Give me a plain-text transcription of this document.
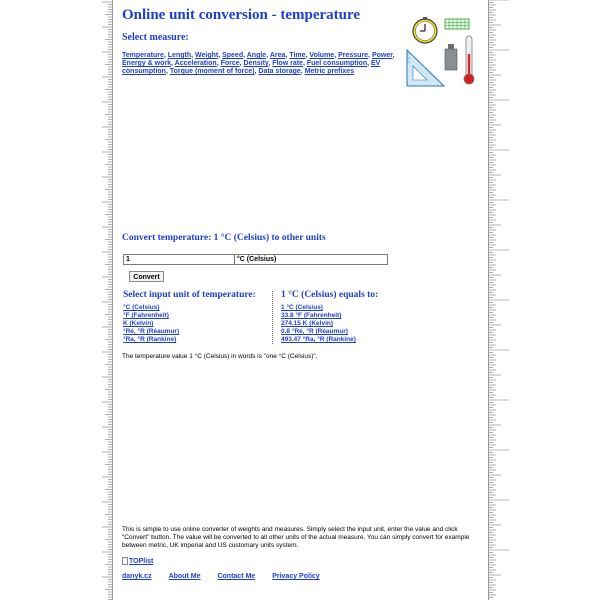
Online unit conversion - temperature
Select measure:
Temperature, Length, Weight, Speed, Angle, Area, Time, Volume, Pressure, Power, Energy & work, Acceleration, Force, Density, Flow rate, Fuel consumption, EV consumption, Torque (moment of force), Data storage, Metric prefixes
Convert temperature: 1 °C (Celsius) to other units
1	°C (Celsius)
Convert
Select input unit of temperature:
°C (Celsius)
°F (Fahrenheit)
K (Kelvin)
°Ré, °R (Réaumur)
°Ra, °R (Rankine)
1 °C (Celsius) equals to:
1 °C (Celsius)
33.8 °F (Fahrenheit)
274.15 K (Kelvin)
0.8 °Ré, °R (Réaumur)
493.47 °Ra, °R (Rankine)
The temperature value 1 °C (Celsius) in words is "one °C (Celsius)".
This is simple to use online converter of weights and measures. Simply select the input unit, enter the value and click "Convert" button. The value will be converted to all other units of the actual measure. You can simply convert for example between metric, UK imperial and US customary units system.
TOPlist
danyk.cz About Me Contact Me Privacy Policy
